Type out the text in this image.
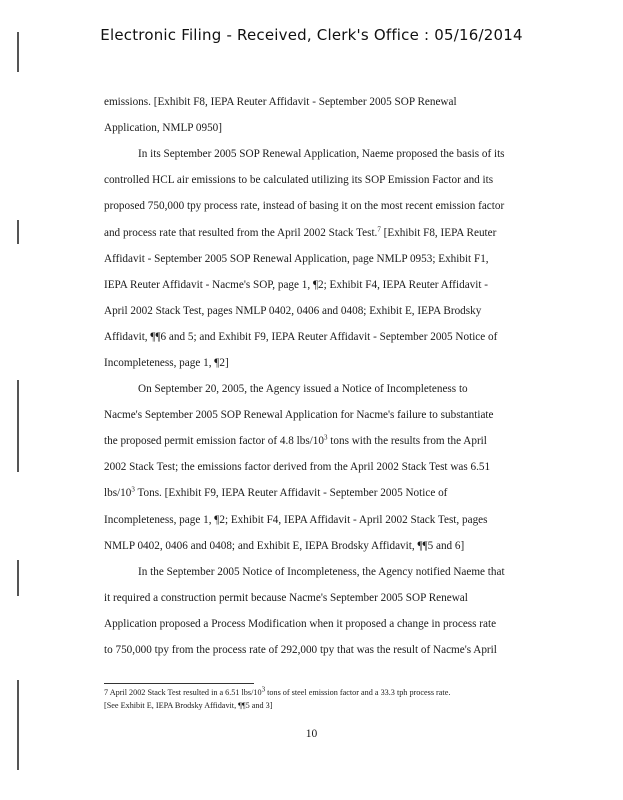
Electronic Filing - Received, Clerk's Office : 05/16/2014
emissions. [Exhibit F8, IEPA Reuter Affidavit - September 2005 SOP Renewal
Application, NMLP 0950]
In its September 2005 SOP Renewal Application, Naeme proposed the basis of its
controlled HCL air emissions to be calculated utilizing its SOP Emission Factor and its
proposed 750,000 tpy process rate, instead of basing it on the most recent emission factor
and process rate that resulted from the April 2002 Stack Test.$^7$ [Exhibit F8, IEPA Reuter
Affidavit - September 2005 SOP Renewal Application, page NMLP 0953; Exhibit F1,
IEPA Reuter Affidavit - Nacme's SOP, page 1, ¶2; Exhibit F4, IEPA Reuter Affidavit -
April 2002 Stack Test, pages NMLP 0402, 0406 and 0408; Exhibit E, IEPA Brodsky
Affidavit, ¶¶6 and 5; and Exhibit F9, IEPA Reuter Affidavit - September 2005 Notice of
Incompleteness, page 1, ¶2]
On September 20, 2005, the Agency issued a Notice of Incompleteness to
Nacme's September 2005 SOP Renewal Application for Nacme's failure to substantiate
the proposed permit emission factor of 4.8 lbs/$10^3$ tons with the results from the April
2002 Stack Test; the emissions factor derived from the April 2002 Stack Test was 6.51
lbs/$10^3$ Tons. [Exhibit F9, IEPA Reuter Affidavit - September 2005 Notice of
Incompleteness, page 1, ¶2; Exhibit F4, IEPA Affidavit - April 2002 Stack Test, pages
NMLP 0402, 0406 and 0408; and Exhibit E, IEPA Brodsky Affidavit, ¶¶5 and 6]
In the September 2005 Notice of Incompleteness, the Agency notified Naeme that
it required a construction permit because Nacme's September 2005 SOP Renewal
Application proposed a Process Modification when it proposed a change in process rate
to 750,000 tpy from the process rate of 292,000 tpy that was the result of Nacme's April
7 April 2002 Stack Test resulted in a 6.51 lbs/$10^3$ tons of steel emission factor and a 33.3 tph process rate.
[See Exhibit E, IEPA Brodsky Affidavit, ¶¶5 and 3]
10
